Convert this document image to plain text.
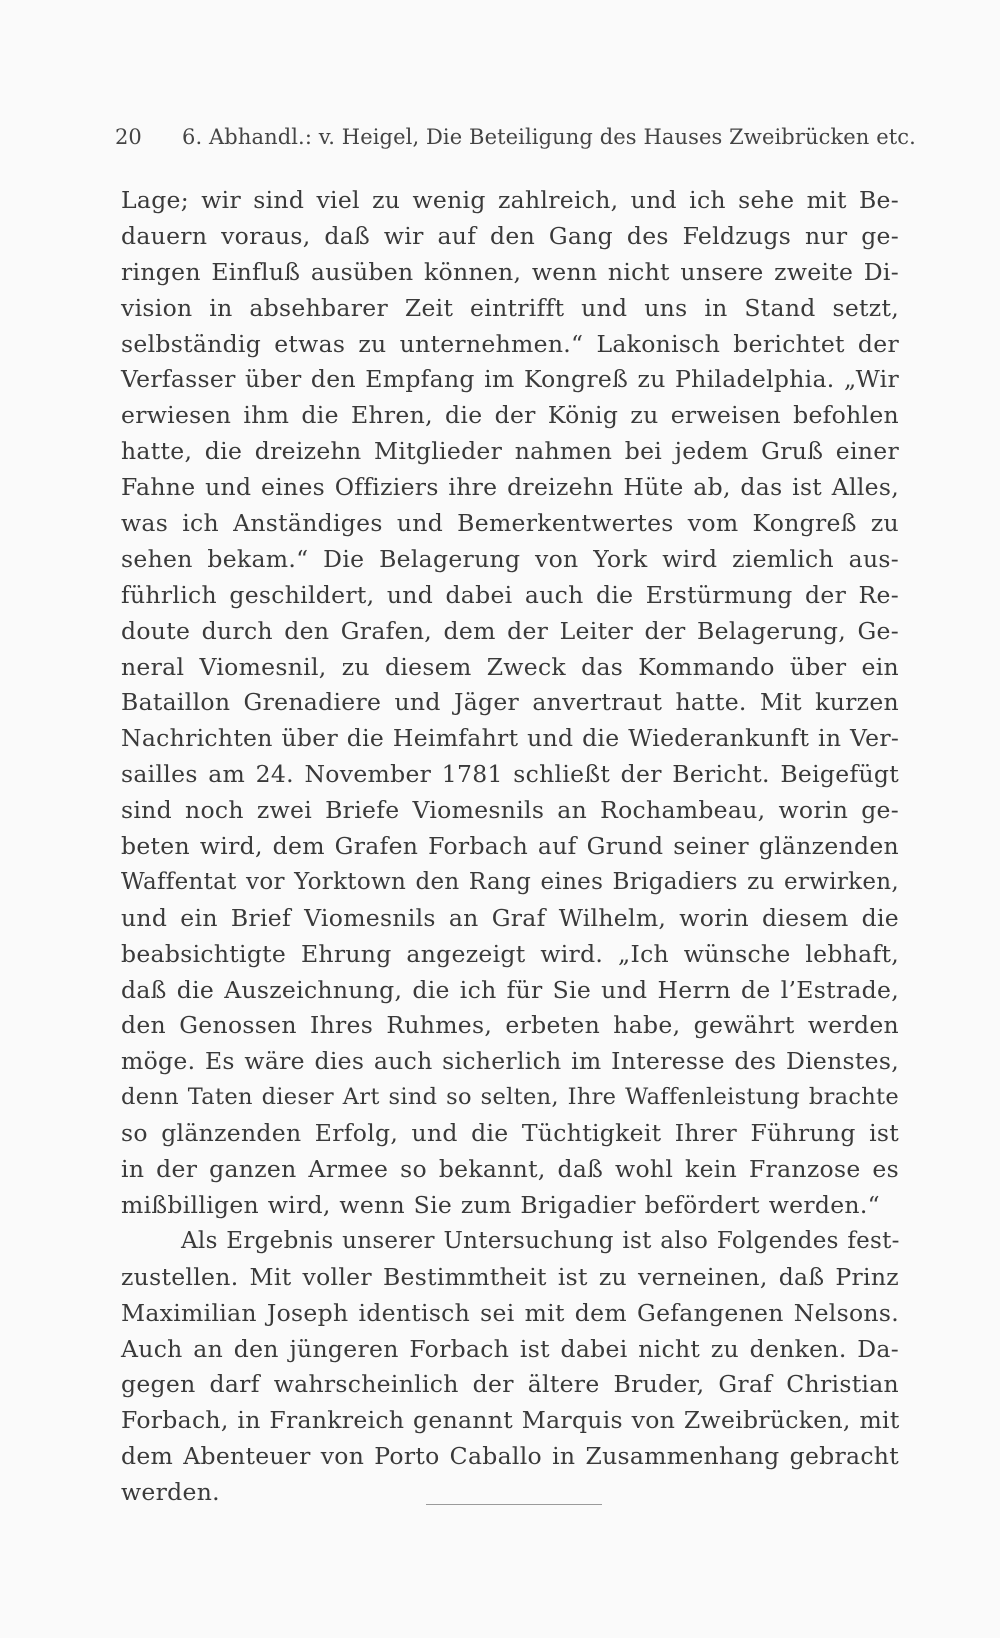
20 6. Abhandl.: v. Heigel, Die Beteiligung des Hauses Zweibrücken etc.
Lage; wir sind viel zu wenig zahlreich, und ich sehe mit Be-
dauern voraus, daß wir auf den Gang des Feldzugs nur ge-
ringen Einfluß ausüben können, wenn nicht unsere zweite Di-
vision in absehbarer Zeit eintrifft und uns in Stand setzt,
selbständig etwas zu unternehmen.“ Lakonisch berichtet der
Verfasser über den Empfang im Kongreß zu Philadelphia. „Wir
erwiesen ihm die Ehren, die der König zu erweisen befohlen
hatte, die dreizehn Mitglieder nahmen bei jedem Gruß einer
Fahne und eines Offiziers ihre dreizehn Hüte ab, das ist Alles,
was ich Anständiges und Bemerkentwertes vom Kongreß zu
sehen bekam.“ Die Belagerung von York wird ziemlich aus-
führlich geschildert, und dabei auch die Erstürmung der Re-
doute durch den Grafen, dem der Leiter der Belagerung, Ge-
neral Viomesnil, zu diesem Zweck das Kommando über ein
Bataillon Grenadiere und Jäger anvertraut hatte. Mit kurzen
Nachrichten über die Heimfahrt und die Wiederankunft in Ver-
sailles am 24. November 1781 schließt der Bericht. Beigefügt
sind noch zwei Briefe Viomesnils an Rochambeau, worin ge-
beten wird, dem Grafen Forbach auf Grund seiner glänzenden
Waffentat vor Yorktown den Rang eines Brigadiers zu erwirken,
und ein Brief Viomesnils an Graf Wilhelm, worin diesem die
beabsichtigte Ehrung angezeigt wird. „Ich wünsche lebhaft,
daß die Auszeichnung, die ich für Sie und Herrn de l’Estrade,
den Genossen Ihres Ruhmes, erbeten habe, gewährt werden
möge. Es wäre dies auch sicherlich im Interesse des Dienstes,
denn Taten dieser Art sind so selten, Ihre Waffenleistung brachte
so glänzenden Erfolg, und die Tüchtigkeit Ihrer Führung ist
in der ganzen Armee so bekannt, daß wohl kein Franzose es
mißbilligen wird, wenn Sie zum Brigadier befördert werden.“
Als Ergebnis unserer Untersuchung ist also Folgendes fest-
zustellen. Mit voller Bestimmtheit ist zu verneinen, daß Prinz
Maximilian Joseph identisch sei mit dem Gefangenen Nelsons.
Auch an den jüngeren Forbach ist dabei nicht zu denken. Da-
gegen darf wahrscheinlich der ältere Bruder, Graf Christian
Forbach, in Frankreich genannt Marquis von Zweibrücken, mit
dem Abenteuer von Porto Caballo in Zusammenhang gebracht
werden.
